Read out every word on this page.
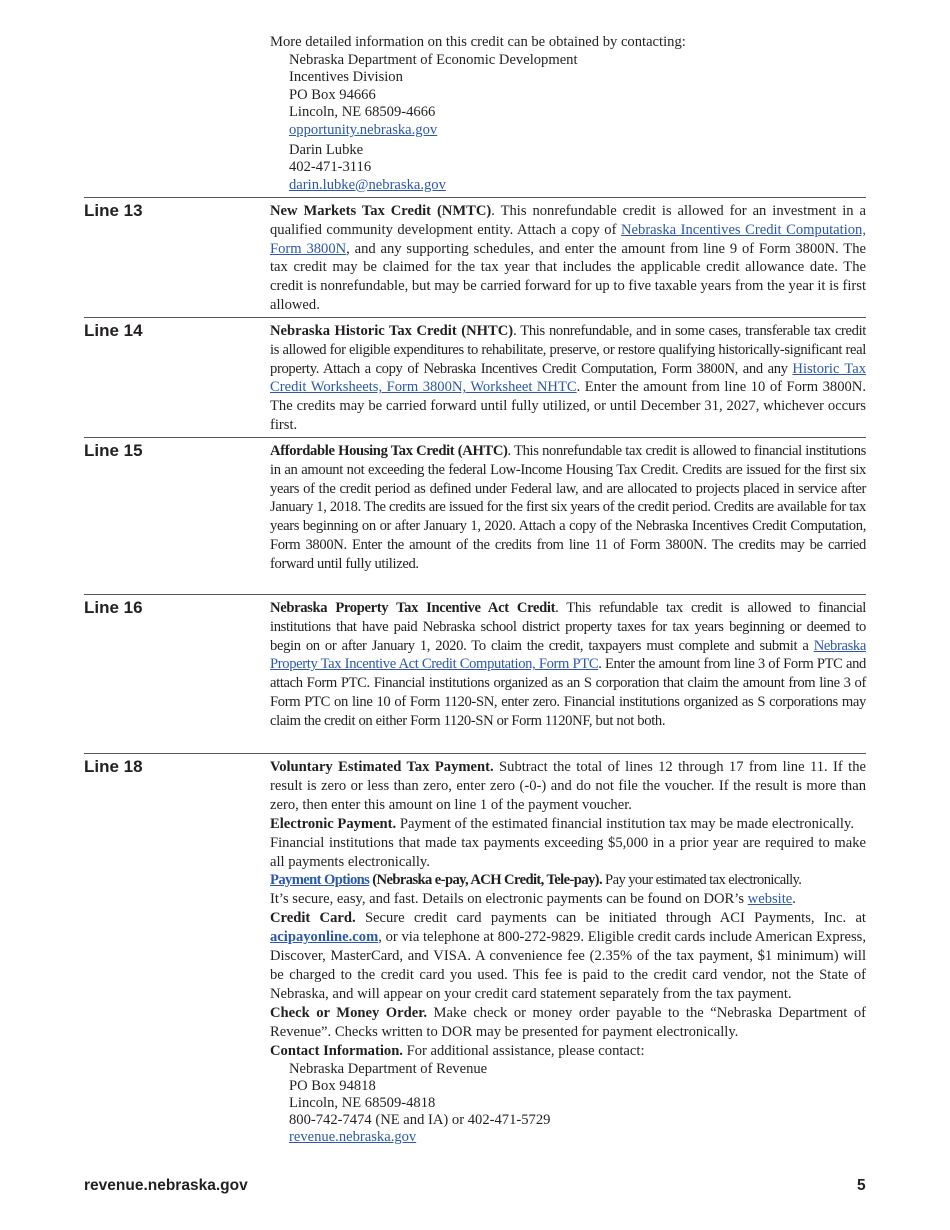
More detailed information on this credit can be obtained by contacting:
Nebraska Department of Economic Development
Incentives Division
PO Box 94666
Lincoln, NE 68509-4666
opportunity.nebraska.gov
Darin Lubke
402-471-3116
darin.lubke@nebraska.gov
Line 13	New Markets Tax Credit (NMTC). This nonrefundable credit is allowed for an investment in a qualified community development entity. Attach a copy of Nebraska Incentives Credit Computation, Form 3800N, and any supporting schedules, and enter the amount from line 9 of Form 3800N. The tax credit may be claimed for the tax year that includes the applicable credit allowance date. The credit is nonrefundable, but may be carried forward for up to five taxable years from the year it is first allowed.
Line 14	Nebraska Historic Tax Credit (NHTC). This nonrefundable, and in some cases, transferable tax credit is allowed for eligible expenditures to rehabilitate, preserve, or restore qualifying historically-significant real property. Attach a copy of Nebraska Incentives Credit Computation, Form 3800N, and any Historic Tax Credit Worksheets, Form 3800N, Worksheet NHTC. Enter the amount from line 10 of Form 3800N. The credits may be carried forward until fully utilized, or until December 31, 2027, whichever occurs first.
Line 15	Affordable Housing Tax Credit (AHTC). This nonrefundable tax credit is allowed to financial institutions in an amount not exceeding the federal Low-Income Housing Tax Credit. Credits are issued for the first six years of the credit period as defined under Federal law, and are allocated to projects placed in service after January 1, 2018. The credits are issued for the first six years of the credit period. Credits are available for tax years beginning on or after January 1, 2020. Attach a copy of the Nebraska Incentives Credit Computation, Form 3800N. Enter the amount of the credits from line 11 of Form 3800N. The credits may be carried forward until fully utilized.
Line 16	Nebraska Property Tax Incentive Act Credit. This refundable tax credit is allowed to financial institutions that have paid Nebraska school district property taxes for tax years beginning or deemed to begin on or after January 1, 2020. To claim the credit, taxpayers must complete and submit a Nebraska Property Tax Incentive Act Credit Computation, Form PTC. Enter the amount from line 3 of Form PTC and attach Form PTC. Financial institutions organized as an S corporation that claim the amount from line 3 of Form PTC on line 10 of Form 1120-SN, enter zero. Financial institutions organized as S corporations may claim the credit on either Form 1120-SN or Form 1120NF, but not both.
Line 18	Voluntary Estimated Tax Payment. Subtract the total of lines 12 through 17 from line 11. If the result is zero or less than zero, enter zero (-0-) and do not file the voucher. If the result is more than zero, then enter this amount on line 1 of the payment voucher.

Electronic Payment. Payment of the estimated financial institution tax may be made electronically.

Financial institutions that made tax payments exceeding $5,000 in a prior year are required to make all payments electronically.

Payment Options (Nebraska e-pay, ACH Credit, Tele-pay). Pay your estimated tax electronically.
It’s secure, easy, and fast. Details on electronic payments can be found on DOR’s website.

Credit Card. Secure credit card payments can be initiated through ACI Payments, Inc. at acipayonline.com, or via telephone at 800-272-9829. Eligible credit cards include American Express, Discover, MasterCard, and VISA. A convenience fee (2.35% of the tax payment, $1 minimum) will be charged to the credit card you used. This fee is paid to the credit card vendor, not the State of Nebraska, and will appear on your credit card statement separately from the tax payment.

Check or Money Order. Make check or money order payable to the “Nebraska Department of Revenue”. Checks written to DOR may be presented for payment electronically.

Contact Information. For additional assistance, please contact:

Nebraska Department of Revenue
PO Box 94818
Lincoln, NE 68509-4818
800-742-7474 (NE and IA) or 402-471-5729
revenue.nebraska.gov
revenue.nebraska.gov	5
